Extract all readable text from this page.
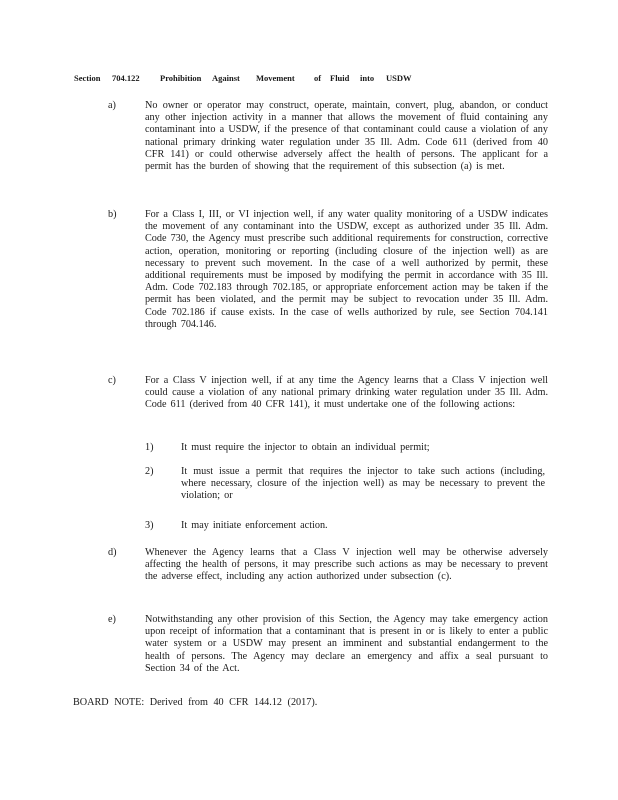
Section	704.122	Prohibition	Against	Movement	of	Fluid	into	USDW
a)	No owner or operator may construct, operate, maintain, convert, plug, abandon, or conduct any other injection activity in a manner that allows the movement of fluid containing any contaminant into a USDW, if the presence of that contaminant could cause a violation of any national primary drinking water regulation under 35 Ill. Adm. Code 611 (derived from 40 CFR 141) or could otherwise adversely affect the health of persons. The applicant for a permit has the burden of showing that the requirement of this subsection (a) is met.
b)	For a Class I, III, or VI injection well, if any water quality monitoring of a USDW indicates the movement of any contaminant into the USDW, except as authorized under 35 Ill. Adm. Code 730, the Agency must prescribe such additional requirements for construction, corrective action, operation, monitoring or reporting (including closure of the injection well) as are necessary to prevent such movement. In the case of a well authorized by permit, these additional requirements must be imposed by modifying the permit in accordance with 35 Ill. Adm. Code 702.183 through 702.185, or appropriate enforcement action may be taken if the permit has been violated, and the permit may be subject to revocation under 35 Ill. Adm. Code 702.186 if cause exists. In the case of wells authorized by rule, see Section 704.141 through 704.146.
c)	For a Class V injection well, if at any time the Agency learns that a Class V injection well could cause a violation of any national primary drinking water regulation under 35 Ill. Adm. Code 611 (derived from 40 CFR 141), it must undertake one of the following actions:
1)	It must require the injector to obtain an individual permit;
2)	It must issue a permit that requires the injector to take such actions (including, where necessary, closure of the injection well) as may be necessary to prevent the violation; or
3)	It may initiate enforcement action.
d)	Whenever the Agency learns that a Class V injection well may be otherwise adversely affecting the health of persons, it may prescribe such actions as may be necessary to prevent the adverse effect, including any action authorized under subsection (c).
e)	Notwithstanding any other provision of this Section, the Agency may take emergency action upon receipt of information that a contaminant that is present in or is likely to enter a public water system or a USDW may present an imminent and substantial endangerment to the health of persons. The Agency may declare an emergency and affix a seal pursuant to Section 34 of the Act.
BOARD NOTE: Derived from 40 CFR 144.12 (2017).
